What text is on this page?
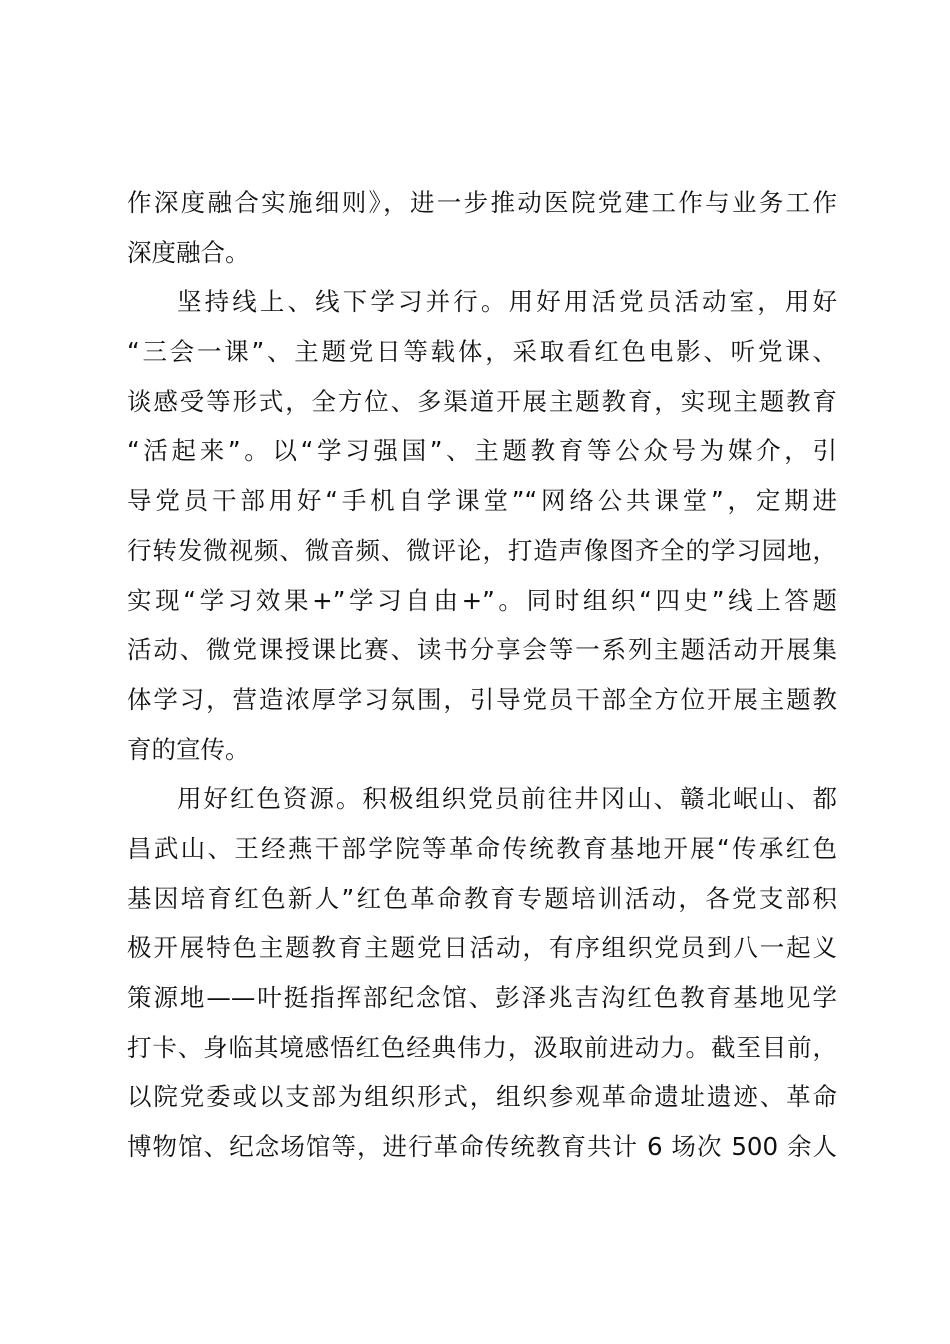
作深度融合实施细则》，进一步推动医院党建工作与业务工作
深度融合。
坚持线上、线下学习并行。用好用活党员活动室，用好
“三会一课”、主题党日等载体，采取看红色电影、听党课、
谈感受等形式，全方位、多渠道开展主题教育，实现主题教育
“活起来”。以“学习强国”、主题教育等公众号为媒介，引
导党员干部用好“手机自学课堂”“网络公共课堂”，定期进
行转发微视频、微音频、微评论，打造声像图齐全的学习园地，
实现“学习效果+”学习自由+”。同时组织“四史”线上答题
活动、微党课授课比赛、读书分享会等一系列主题活动开展集
体学习，营造浓厚学习氛围，引导党员干部全方位开展主题教
育的宣传。
用好红色资源。积极组织党员前往井冈山、赣北岷山、都
昌武山、王经燕干部学院等革命传统教育基地开展“传承红色
基因培育红色新人”红色革命教育专题培训活动，各党支部积
极开展特色主题教育主题党日活动，有序组织党员到八一起义
策源地——叶挺指挥部纪念馆、彭泽兆吉沟红色教育基地见学
打卡、身临其境感悟红色经典伟力，汲取前进动力。截至目前，
以院党委或以支部为组织形式，组织参观革命遗址遗迹、革命
博物馆、纪念场馆等，进行革命传统教育共计 6 场次 500 余人
